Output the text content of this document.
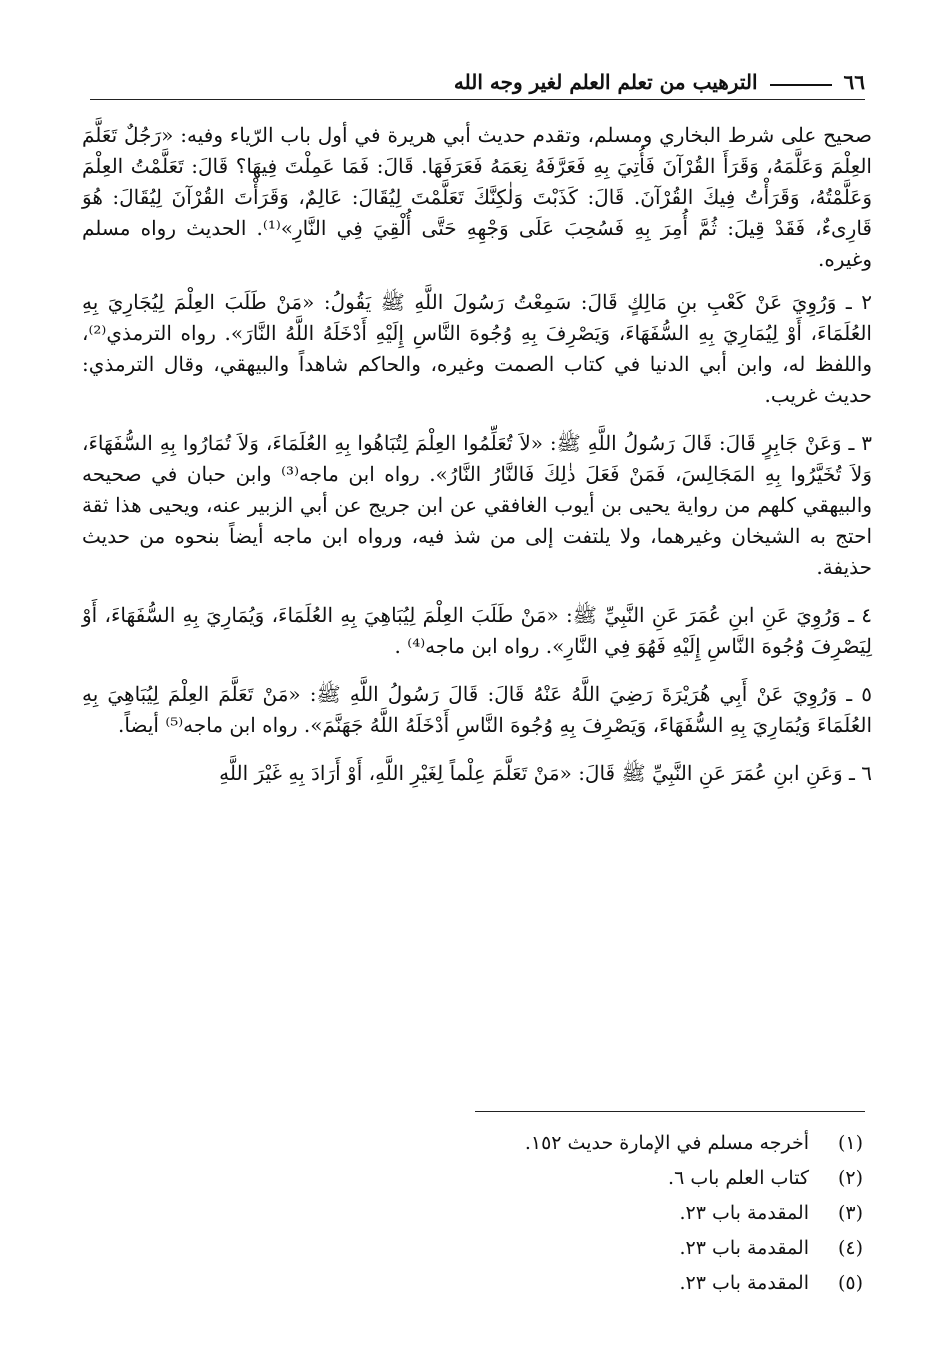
٦٦
الترهيب من تعلم العلم لغير وجه الله

صحيح على شرط البخاري ومسلم، وتقدم حديث أبي هريرة في أول باب الرّياء وفيه: «رَجُلٌ تَعَلَّمَ العِلْمَ وَعَلَّمَهُ، وَقَرَأَ القُرْآنَ فَأُتِيَ بِهِ فَعَرَّفَهُ نِعَمَهُ فَعَرَفَهَا. قَالَ: فَمَا عَمِلْتَ فِيهَا؟ قَالَ: تَعَلَّمْتُ العِلْمَ وَعَلَّمْتُهُ، وَقَرَأْتُ فِيكَ القُرْآنَ. قَالَ: كَذَبْتَ وَلٰكِنَّكَ تَعَلَّمْتَ لِيُقَالَ: عَالِمٌ، وَقَرَأْتَ القُرْآنَ لِيُقَالَ: هُوَ قَارِىءٌ، فَقَدْ قِيلَ: ثُمَّ أُمِرَ بِهِ فَسُحِبَ عَلَى وَجْهِهِ حَتَّى أُلْقِيَ فِي النَّارِ»⁽¹⁾. الحديث رواه مسلم وغيره.

٢ ـ وَرُوِيَ عَنْ كَعْبِ بنِ مَالِكٍ قَالَ: سَمِعْتُ رَسُولَ اللَّهِ ﷺ يَقُولُ: «مَنْ طَلَبَ العِلْمَ لِيُجَارِيَ بِهِ العُلَمَاءَ، أَوْ لِيُمَارِيَ بِهِ السُّفَهَاءَ، وَيَصْرِفَ بِهِ وُجُوهَ النَّاسِ إِلَيْهِ أَدْخَلَهُ اللَّهُ النَّارَ». رواه الترمذي⁽²⁾، واللفظ له، وابن أبي الدنيا في كتاب الصمت وغيره، والحاكم شاهداً والبيهقي، وقال الترمذي: حديث غريب.

٣ ـ وَعَنْ جَابِرٍ قَالَ: قَالَ رَسُولُ اللَّهِ ﷺ: «لاَ تُعَلِّمُوا العِلْمَ لِتُبَاهُوا بِهِ العُلَمَاءَ، وَلاَ تُمَارُوا بِهِ السُّفَهَاءَ، وَلاَ تُخَيَّرُوا بِهِ المَجَالِسَ، فَمَنْ فَعَلَ ذٰلِكَ فَالنَّارُ النَّارُ». رواه ابن ماجه⁽³⁾ وابن حبان في صحيحه والبيهقي كلهم من رواية يحيى بن أيوب الغافقي عن ابن جريج عن أبي الزبير عنه، ويحيى هذا ثقة احتج به الشيخان وغيرهما، ولا يلتفت إلى من شذ فيه، ورواه ابن ماجه أيضاً بنحوه من حديث حذيفة.

٤ ـ وَرُوِيَ عَنِ ابنِ عُمَرَ عَنِ النَّبِيِّ ﷺ: «مَنْ طَلَبَ العِلْمَ لِيُبَاهِيَ بِهِ العُلَمَاءَ، وَيُمَارِيَ بِهِ السُّفَهَاءَ، أَوْ لِيَصْرِفَ وُجُوهَ النَّاسِ إِلَيْهِ فَهُوَ فِي النَّارِ». رواه ابن ماجه⁽⁴⁾ .

٥ ـ وَرُوِيَ عَنْ أَبِي هُرَيْرَةَ رَضِيَ اللَّهُ عَنْهُ قَالَ: قَالَ رَسُولُ اللَّهِ ﷺ: «مَنْ تَعَلَّمَ العِلْمَ لِيُبَاهِيَ بِهِ العُلَمَاءَ وَيُمَارِيَ بِهِ السُّفَهَاءَ، وَيَصْرِفَ بِهِ وُجُوهَ النَّاسِ أَدْخَلَهُ اللَّهُ جَهَنَّمَ». رواه ابن ماجه⁽⁵⁾ أيضاً.

٦ ـ وَعَنِ ابنِ عُمَرَ عَنِ النَّبِيِّ ﷺ قَالَ: «مَنْ تَعَلَّمَ عِلْماً لِغَيْرِ اللَّهِ، أَوْ أَرَادَ بِهِ غَيْرَ اللَّهِ

(١)
أخرجه مسلم في الإمارة حديث ١٥٢.
(٢)
كتاب العلم باب ٦.
(٣)
المقدمة باب ٢٣.
(٤)
المقدمة باب ٢٣.
(٥)
المقدمة باب ٢٣.
